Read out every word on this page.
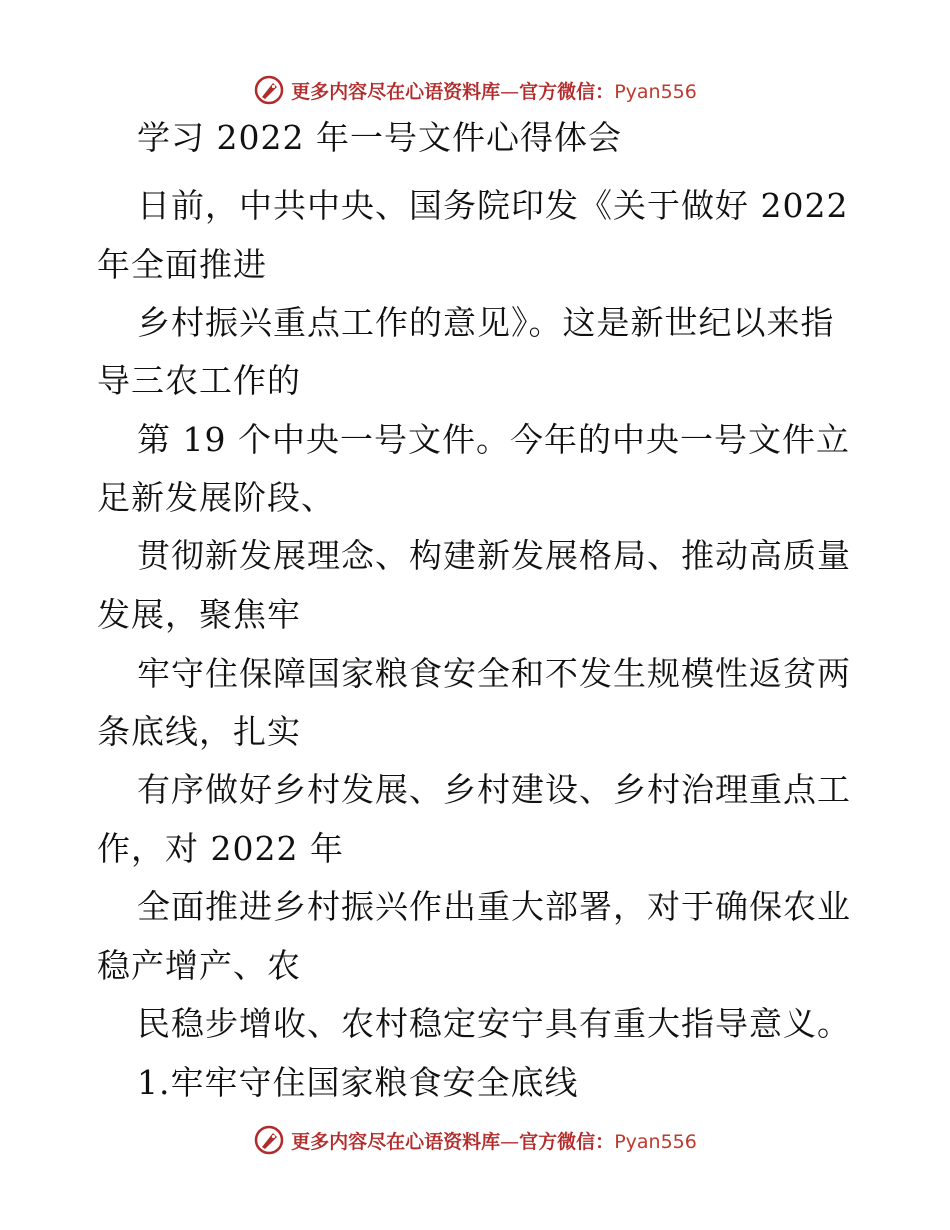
更多内容尽在心语资料库—官方微信：Pyan556
学习 2022 年一号文件心得体会
日前，中共中央、国务院印发《关于做好 2022
年全面推进
乡村振兴重点工作的意见》。这是新世纪以来指
导三农工作的
第 19 个中央一号文件。今年的中央一号文件立
足新发展阶段、
贯彻新发展理念、构建新发展格局、推动高质量
发展，聚焦牢
牢守住保障国家粮食安全和不发生规模性返贫两
条底线，扎实
有序做好乡村发展、乡村建设、乡村治理重点工
作，对 2022 年
全面推进乡村振兴作出重大部署，对于确保农业
稳产增产、农
民稳步增收、农村稳定安宁具有重大指导意义。
1.牢牢守住国家粮食安全底线
更多内容尽在心语资料库—官方微信：Pyan556
